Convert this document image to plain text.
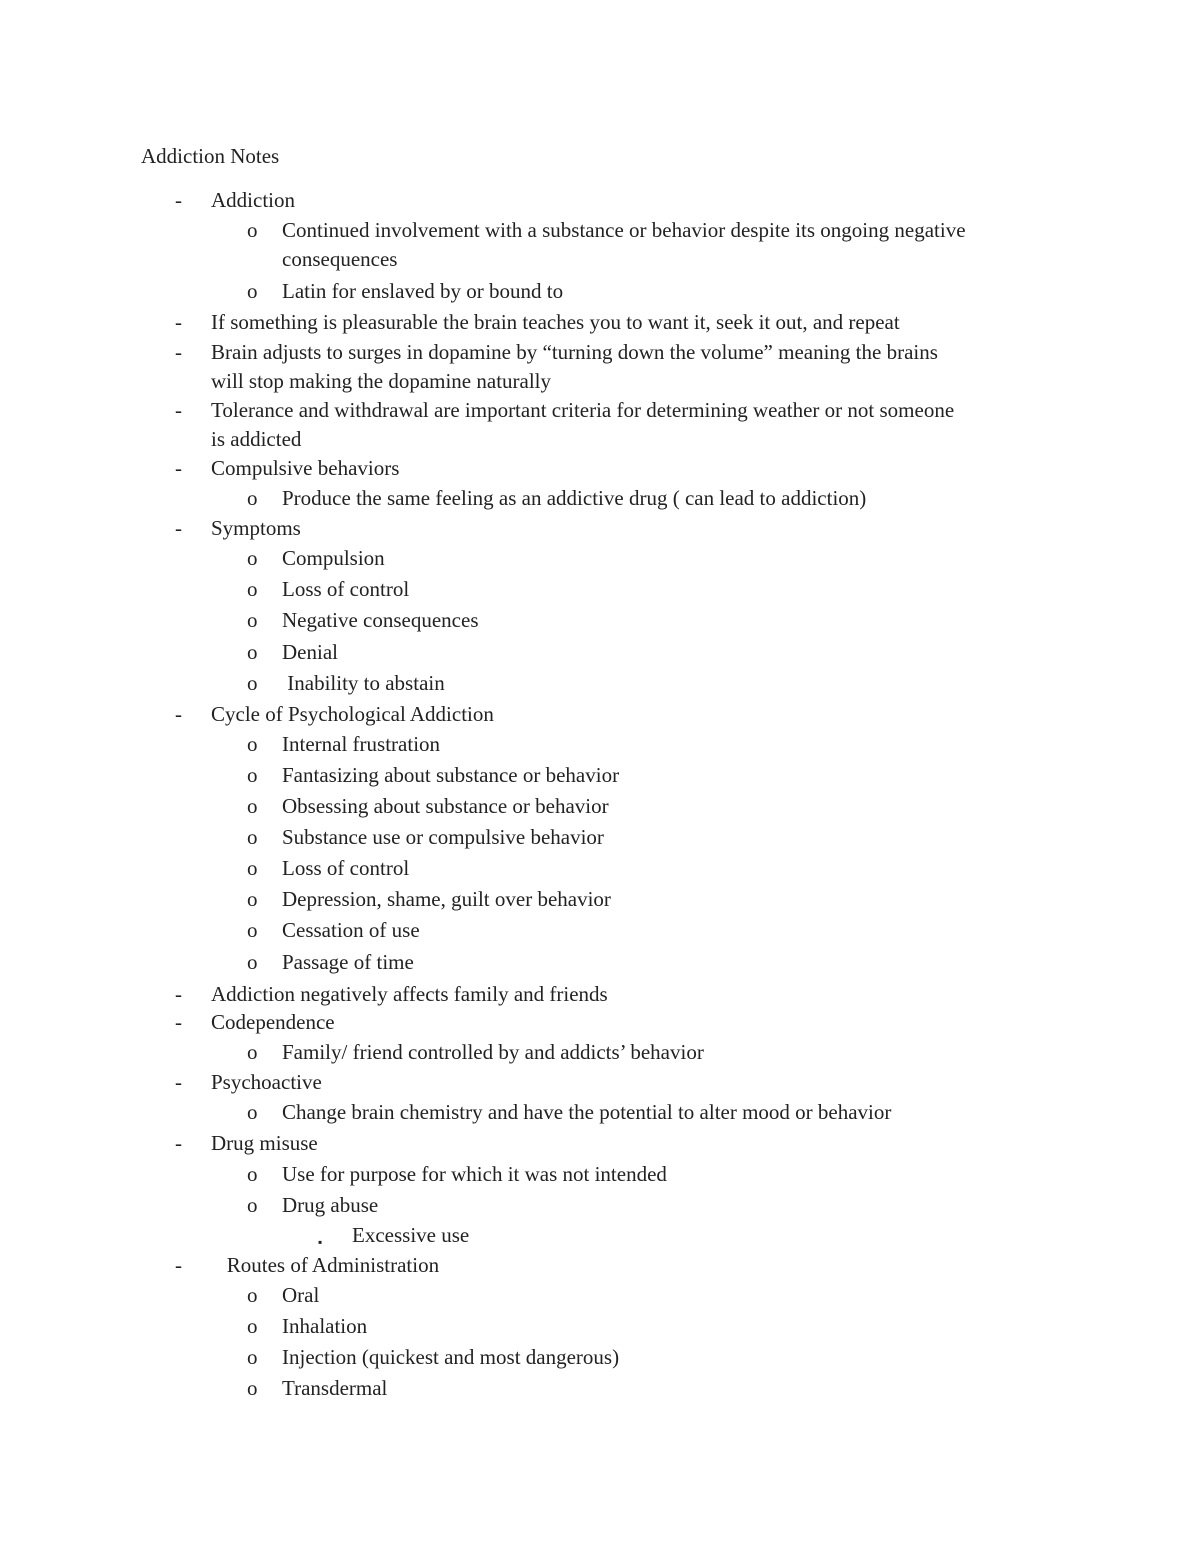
Addiction Notes
- Addiction
o Continued involvement with a substance or behavior despite its ongoing negative
consequences
o Latin for enslaved by or bound to
- If something is pleasurable the brain teaches you to want it, seek it out, and repeat
- Brain adjusts to surges in dopamine by “turning down the volume” meaning the brains
will stop making the dopamine naturally
- Tolerance and withdrawal are important criteria for determining weather or not someone
is addicted
- Compulsive behaviors
o Produce the same feeling as an addictive drug ( can lead to addiction)
- Symptoms
o Compulsion
o Loss of control
o Negative consequences
o Denial
o Inability to abstain
- Cycle of Psychological Addiction
o Internal frustration
o Fantasizing about substance or behavior
o Obsessing about substance or behavior
o Substance use or compulsive behavior
o Loss of control
o Depression, shame, guilt over behavior
o Cessation of use
o Passage of time
- Addiction negatively affects family and friends
- Codependence
o Family/ friend controlled by and addicts’ behavior
- Psychoactive
o Change brain chemistry and have the potential to alter mood or behavior
- Drug misuse
o Use for purpose for which it was not intended
o Drug abuse
▪ Excessive use
- Routes of Administration
o Oral
o Inhalation
o Injection (quickest and most dangerous)
o Transdermal
